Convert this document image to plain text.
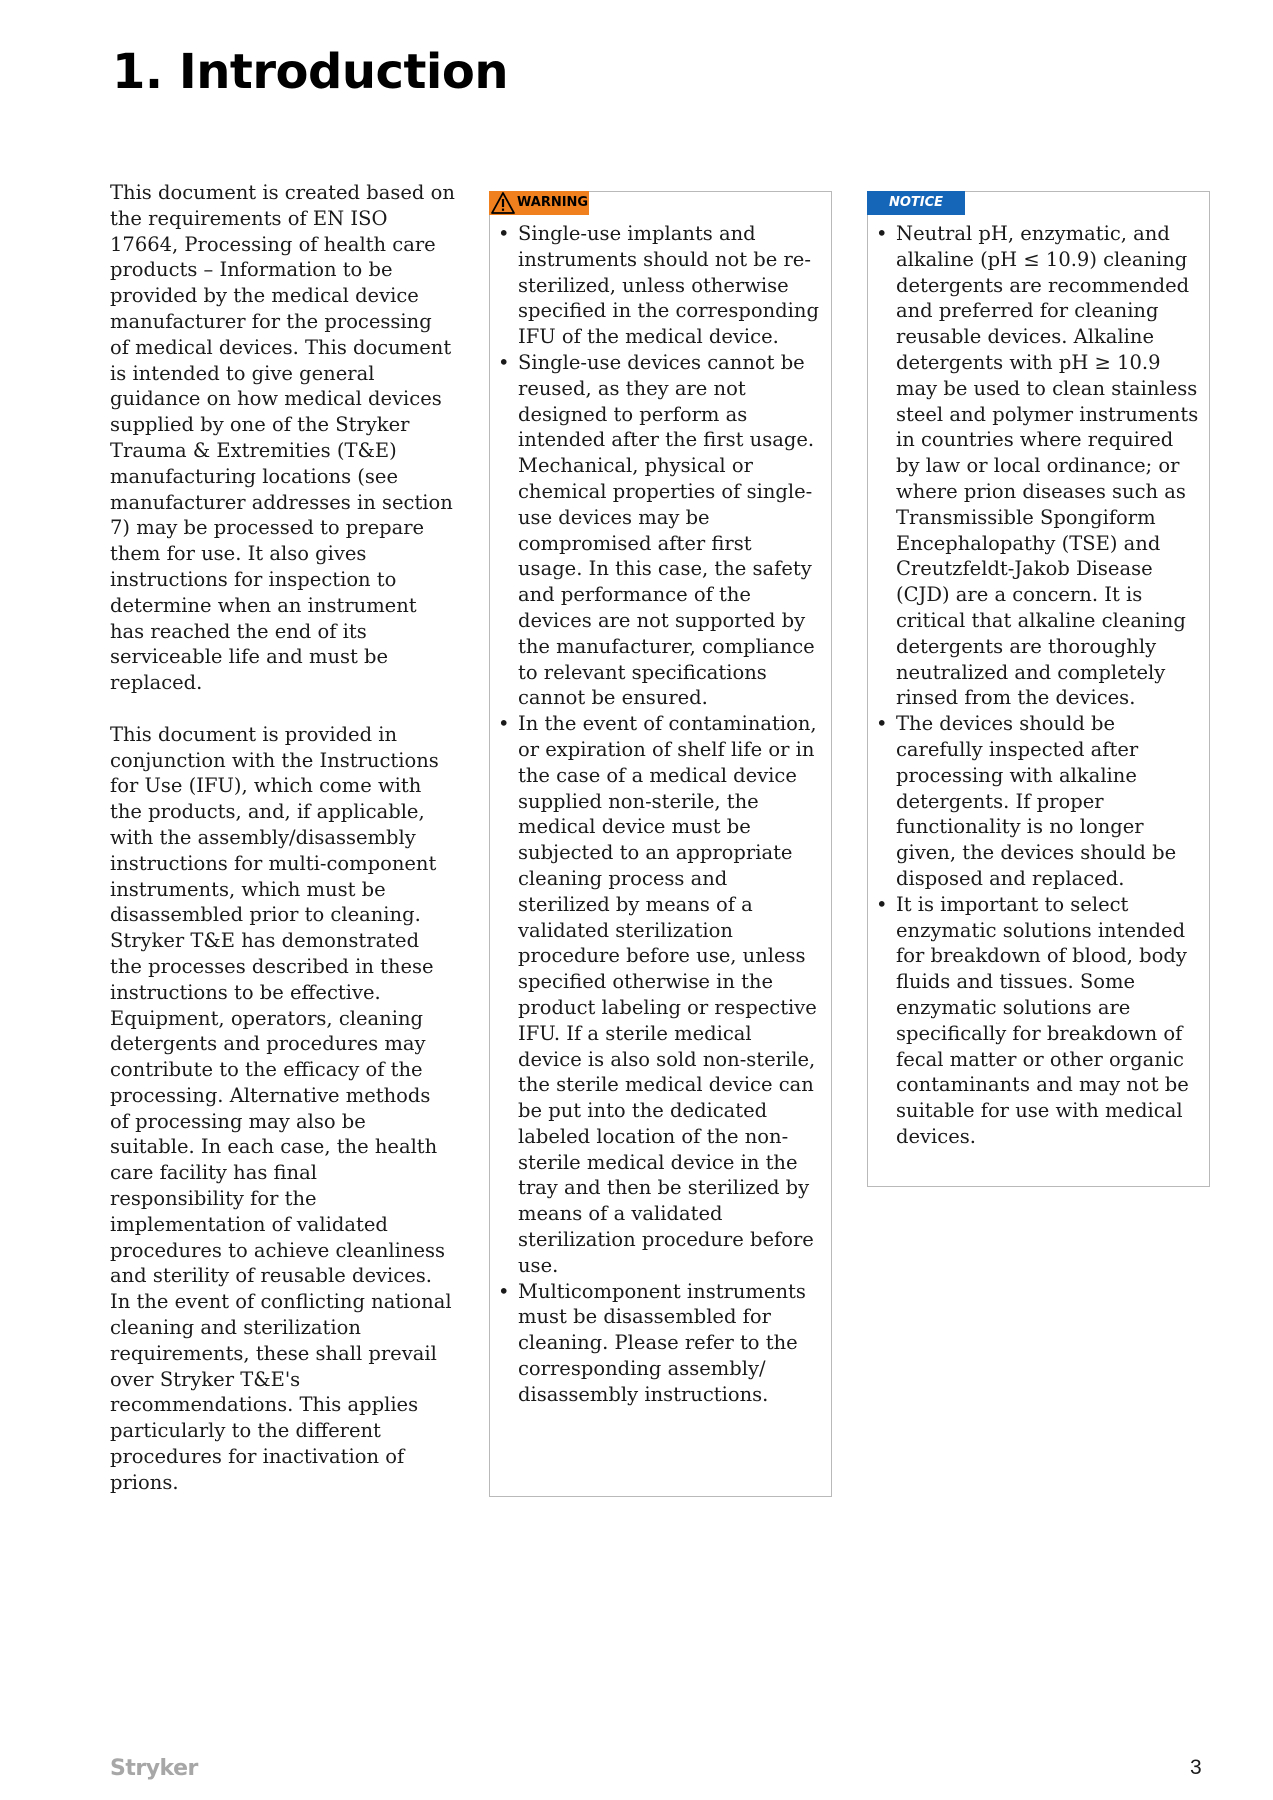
1. Introduction

This document is created based on the requirements of EN ISO 17664, Processing of health care products – Information to be provided by the medical device manufacturer for the processing of medical devices. This document is intended to give general guidance on how medical devices supplied by one of the Stryker Trauma & Extremities (T&E) manufacturing locations (see manufacturer addresses in section 7) may be processed to prepare them for use. It also gives instructions for inspection to determine when an instrument has reached the end of its serviceable life and must be replaced.

This document is provided in conjunction with the Instructions for Use (IFU), which come with the products, and, if applicable, with the assembly/disassembly instructions for multi-component instruments, which must be disassembled prior to cleaning. Stryker T&E has demonstrated the processes described in these instructions to be effective. Equipment, operators, cleaning detergents and procedures may contribute to the efficacy of the processing. Alternative methods of processing may also be suitable. In each case, the health care facility has final responsibility for the implementation of validated procedures to achieve cleanliness and sterility of reusable devices. In the event of conflicting national cleaning and sterilization requirements, these shall prevail over Stryker T&E's recommendations. This applies particularly to the different procedures for inactivation of prions.

WARNING
• Single-use implants and instruments should not be re-sterilized, unless otherwise specified in the corresponding IFU of the medical device.
• Single-use devices cannot be reused, as they are not designed to perform as intended after the first usage. Mechanical, physical or chemical properties of single-use devices may be compromised after first usage. In this case, the safety and performance of the devices are not supported by the manufacturer, compliance to relevant specifications cannot be ensured.
• In the event of contamination, or expiration of shelf life or in the case of a medical device supplied non-sterile, the medical device must be subjected to an appropriate cleaning process and sterilized by means of a validated sterilization procedure before use, unless specified otherwise in the product labeling or respective IFU. If a sterile medical device is also sold non-sterile, the sterile medical device can be put into the dedicated labeled location of the non-sterile medical device in the tray and then be sterilized by means of a validated sterilization procedure before use.
• Multicomponent instruments must be disassembled for cleaning. Please refer to the corresponding assembly/ disassembly instructions.
NOTICE
• Neutral pH, enzymatic, and alkaline (pH ≤ 10.9) cleaning detergents are recommended and preferred for cleaning reusable devices. Alkaline detergents with pH ≥ 10.9 may be used to clean stainless steel and polymer instruments in countries where required by law or local ordinance; or where prion diseases such as Transmissible Spongiform Encephalopathy (TSE) and Creutzfeldt-Jakob Disease (CJD) are a concern. It is critical that alkaline cleaning detergents are thoroughly neutralized and completely rinsed from the devices.
• The devices should be carefully inspected after processing with alkaline detergents. If proper functionality is no longer given, the devices should be disposed and replaced.
• It is important to select enzymatic solutions intended for breakdown of blood, body fluids and tissues. Some enzymatic solutions are specifically for breakdown of fecal matter or other organic contaminants and may not be suitable for use with medical devices.
Stryker	3
